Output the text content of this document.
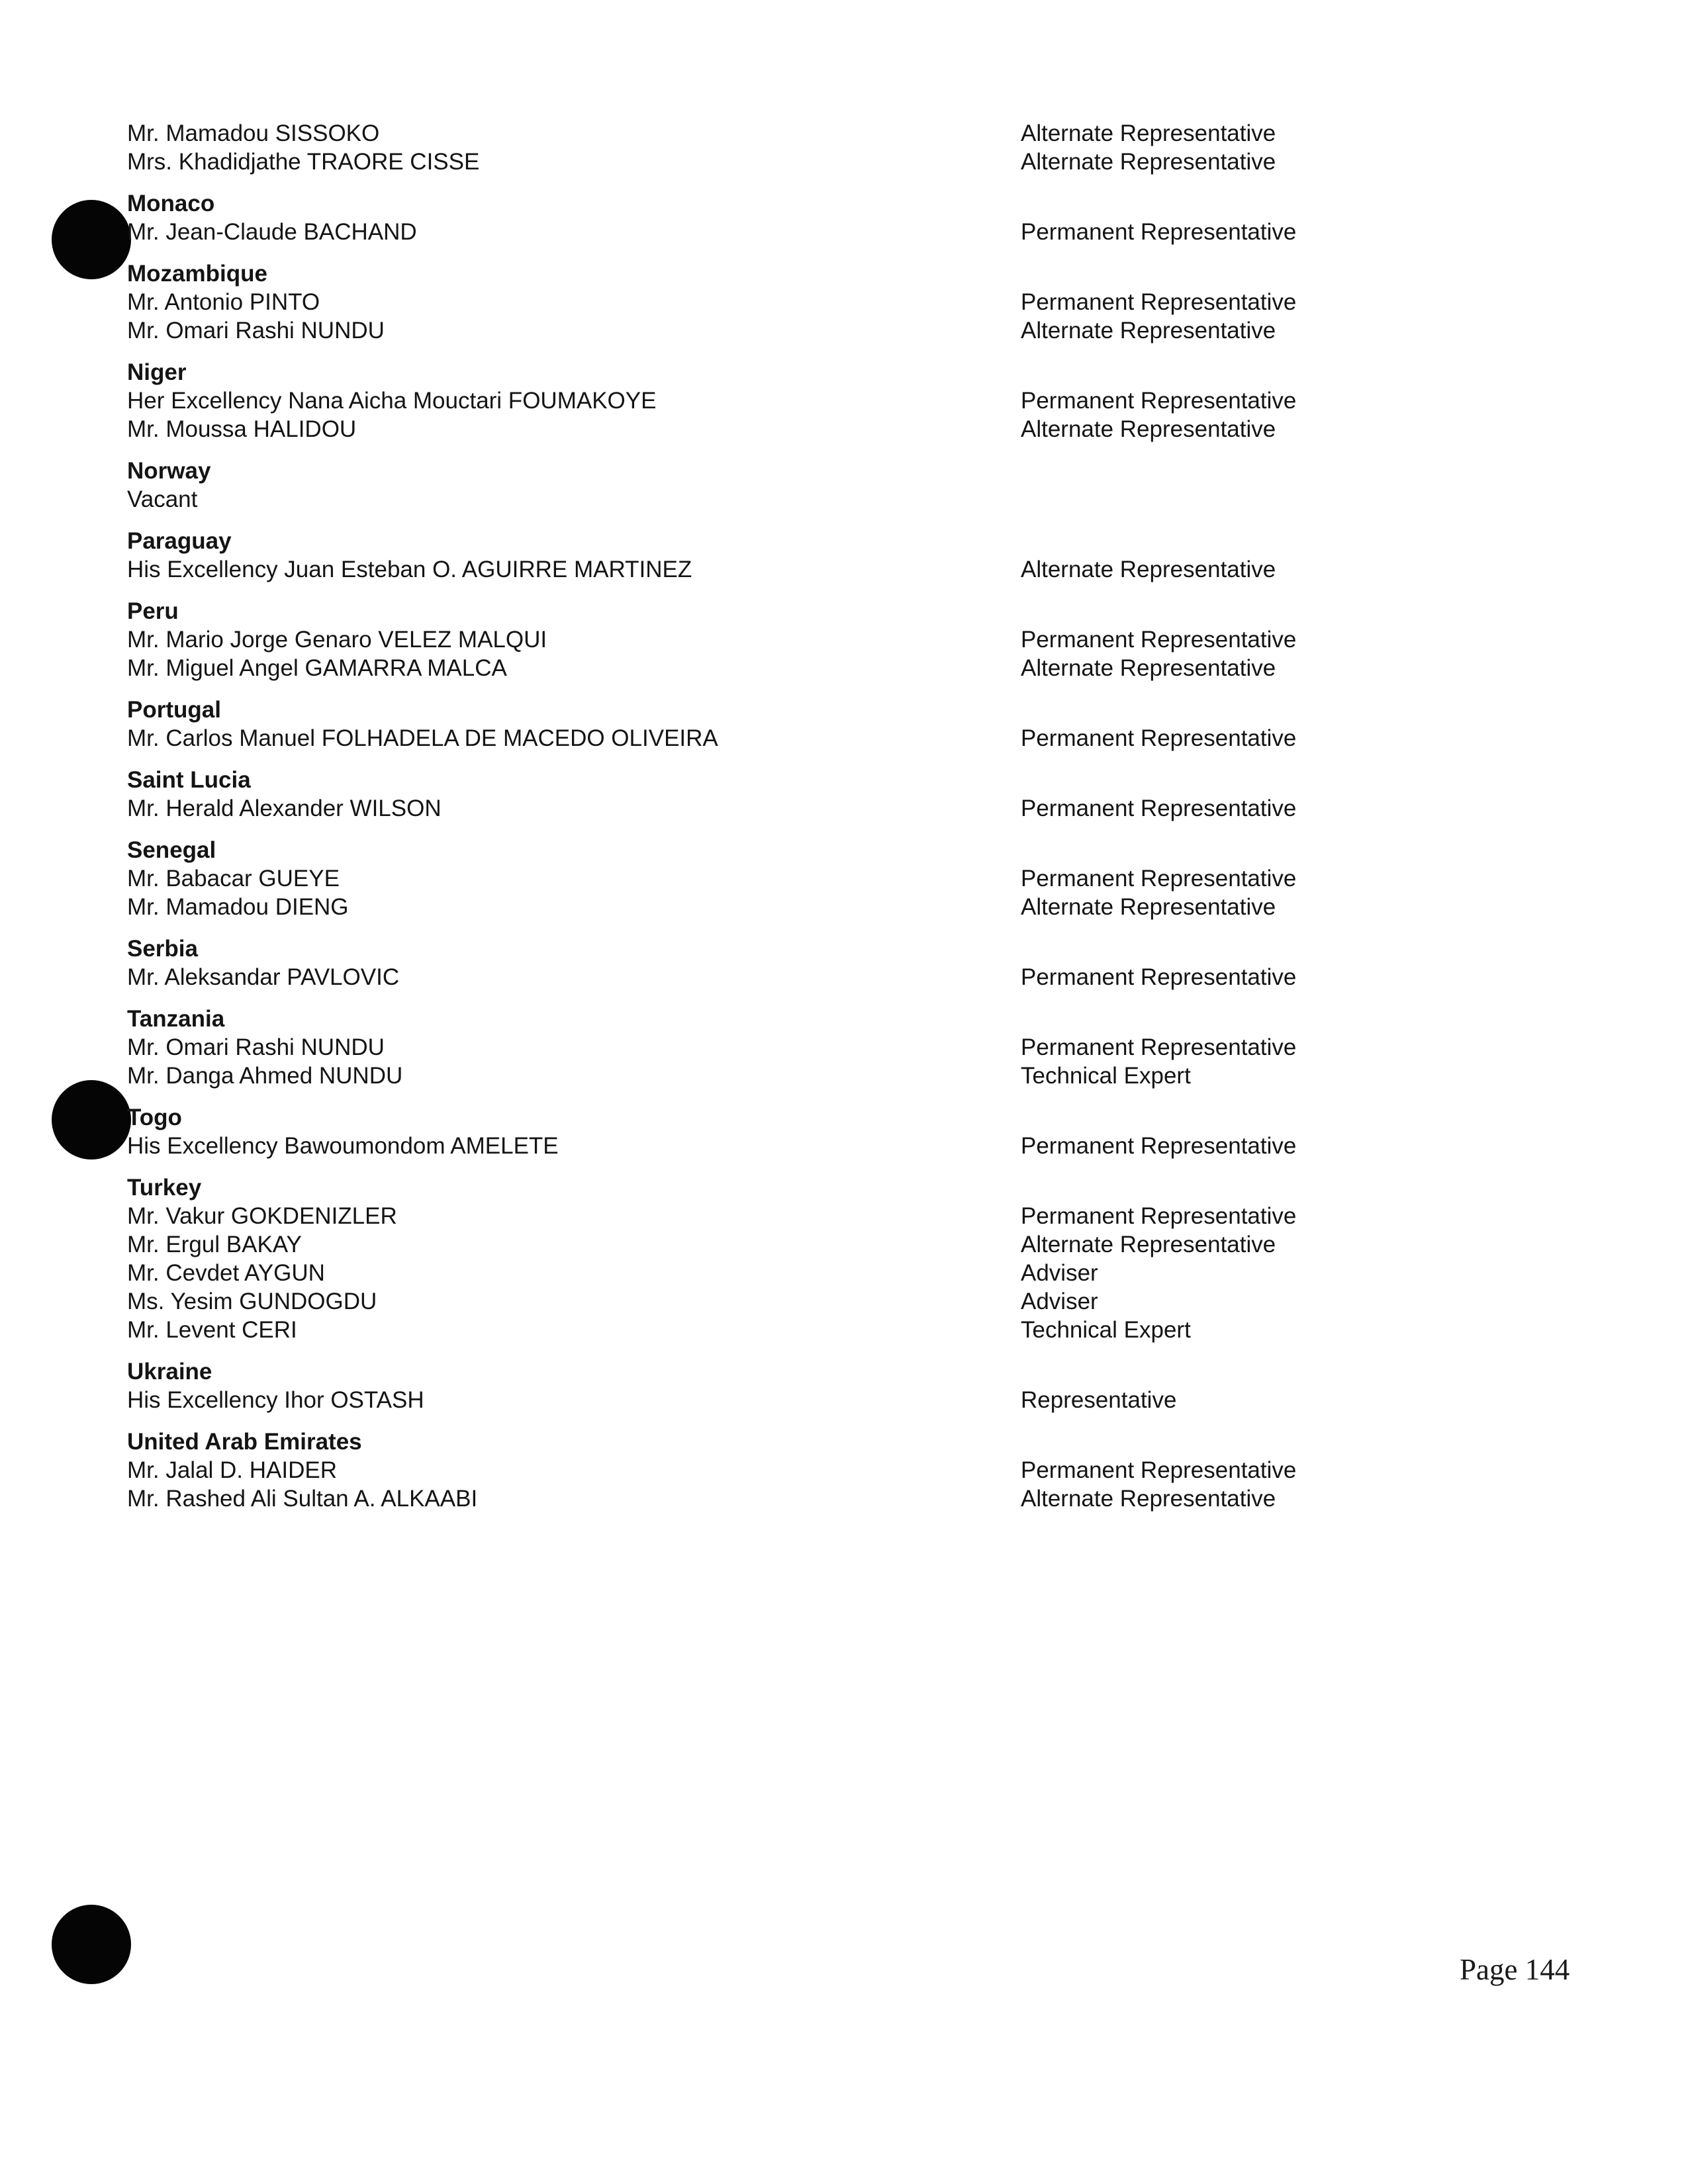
Mr. Mamadou SISSOKO	Alternate Representative
Mrs. Khadidjathe TRAORE CISSE	Alternate Representative
Monaco
Mr. Jean-Claude BACHAND	Permanent Representative
Mozambique
Mr. Antonio PINTO	Permanent Representative
Mr. Omari Rashi NUNDU	Alternate Representative
Niger
Her Excellency Nana Aicha Mouctari FOUMAKOYE	Permanent Representative
Mr. Moussa HALIDOU	Alternate Representative
Norway
Vacant
Paraguay
His Excellency Juan Esteban O. AGUIRRE MARTINEZ	Alternate Representative
Peru
Mr. Mario Jorge Genaro VELEZ MALQUI	Permanent Representative
Mr. Miguel Angel GAMARRA MALCA	Alternate Representative
Portugal
Mr. Carlos Manuel FOLHADELA DE MACEDO OLIVEIRA	Permanent Representative
Saint Lucia
Mr. Herald Alexander WILSON	Permanent Representative
Senegal
Mr. Babacar GUEYE	Permanent Representative
Mr. Mamadou DIENG	Alternate Representative
Serbia
Mr. Aleksandar PAVLOVIC	Permanent Representative
Tanzania
Mr. Omari Rashi NUNDU	Permanent Representative
Mr. Danga Ahmed NUNDU	Technical Expert
Togo
His Excellency Bawoumondom AMELETE	Permanent Representative
Turkey
Mr. Vakur GOKDENIZLER	Permanent Representative
Mr. Ergul BAKAY	Alternate Representative
Mr. Cevdet AYGUN	Adviser
Ms. Yesim GUNDOGDU	Adviser
Mr. Levent CERI	Technical Expert
Ukraine
His Excellency Ihor OSTASH	Representative
United Arab Emirates
Mr. Jalal D. HAIDER	Permanent Representative
Mr. Rashed Ali Sultan A. ALKAABI	Alternate Representative
Page 144
